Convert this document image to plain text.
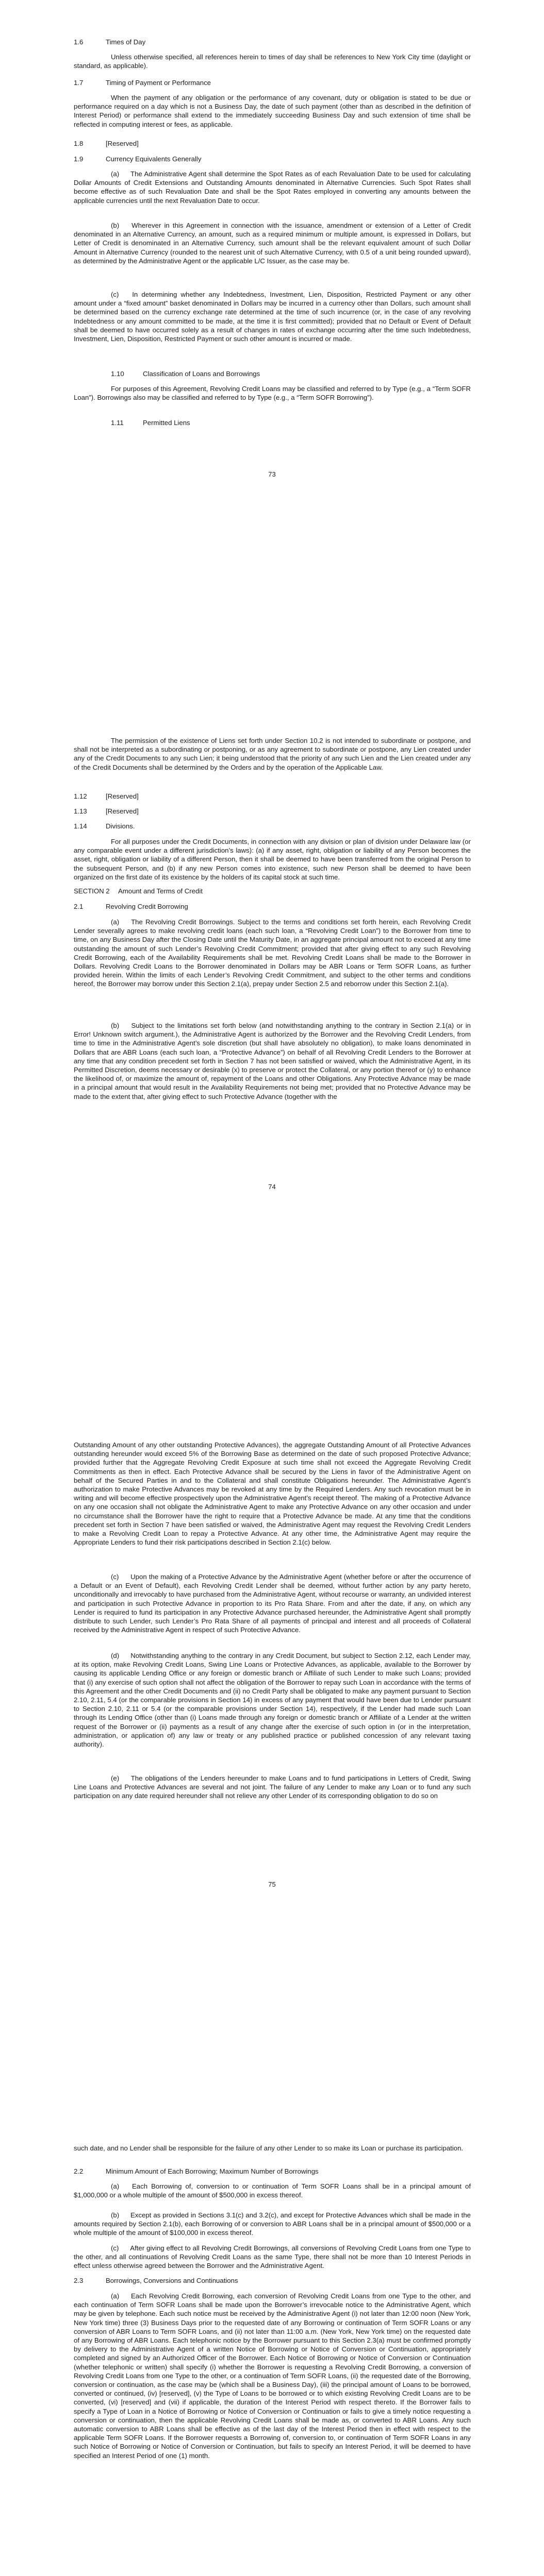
1.6	Times of Day

Unless otherwise specified, all references herein to times of day shall be references to New York City time (daylight or standard, as applicable).

1.7	Timing of Payment or Performance

When the payment of any obligation or the performance of any covenant, duty or obligation is stated to be due or performance required on a day which is not a Business Day, the date of such payment (other than as described in the definition of Interest Period) or performance shall extend to the immediately succeeding Business Day and such extension of time shall be reflected in computing interest or fees, as applicable.

1.8	[Reserved]

1.9	Currency Equivalents Generally

(a) The Administrative Agent shall determine the Spot Rates as of each Revaluation Date to be used for calculating Dollar Amounts of Credit Extensions and Outstanding Amounts denominated in Alternative Currencies. Such Spot Rates shall become effective as of such Revaluation Date and shall be the Spot Rates employed in converting any amounts between the applicable currencies until the next Revaluation Date to occur.

(b) Wherever in this Agreement in connection with the issuance, amendment or extension of a Letter of Credit denominated in an Alternative Currency, an amount, such as a required minimum or multiple amount, is expressed in Dollars, but Letter of Credit is denominated in an Alternative Currency, such amount shall be the relevant equivalent amount of such Dollar Amount in Alternative Currency (rounded to the nearest unit of such Alternative Currency, with 0.5 of a unit being rounded upward), as determined by the Administrative Agent or the applicable L/C Issuer, as the case may be.

(c) In determining whether any Indebtedness, Investment, Lien, Disposition, Restricted Payment or any other amount under a “fixed amount” basket denominated in Dollars may be incurred in a currency other than Dollars, such amount shall be determined based on the currency exchange rate determined at the time of such incurrence (or, in the case of any revolving Indebtedness or any amount committed to be made, at the time it is first committed); provided that no Default or Event of Default shall be deemed to have occurred solely as a result of changes in rates of exchange occurring after the time such Indebtedness, Investment, Lien, Disposition, Restricted Payment or such other amount is incurred or made.

1.10	Classification of Loans and Borrowings

For purposes of this Agreement, Revolving Credit Loans may be classified and referred to by Type (e.g., a “Term SOFR Loan”). Borrowings also may be classified and referred to by Type (e.g., a “Term SOFR Borrowing”).

1.11	Permitted Liens

73

The permission of the existence of Liens set forth under Section 10.2 is not intended to subordinate or postpone, and shall not be interpreted as a subordinating or postponing, or as any agreement to subordinate or postpone, any Lien created under any of the Credit Documents to any such Lien; it being understood that the priority of any such Lien and the Lien created under any of the Credit Documents shall be determined by the Orders and by the operation of the Applicable Law.

1.12	[Reserved]

1.13	[Reserved]

1.14	Divisions.

For all purposes under the Credit Documents, in connection with any division or plan of division under Delaware law (or any comparable event under a different jurisdiction’s laws): (a) if any asset, right, obligation or liability of any Person becomes the asset, right, obligation or liability of a different Person, then it shall be deemed to have been transferred from the original Person to the subsequent Person, and (b) if any new Person comes into existence, such new Person shall be deemed to have been organized on the first date of its existence by the holders of its capital stock at such time.

SECTION 2 Amount and Terms of Credit

2.1	Revolving Credit Borrowing

(a) The Revolving Credit Borrowings. Subject to the terms and conditions set forth herein, each Revolving Credit Lender severally agrees to make revolving credit loans (each such loan, a “Revolving Credit Loan”) to the Borrower from time to time, on any Business Day after the Closing Date until the Maturity Date, in an aggregate principal amount not to exceed at any time outstanding the amount of such Lender’s Revolving Credit Commitment; provided that after giving effect to any such Revolving Credit Borrowing, each of the Availability Requirements shall be met. Revolving Credit Loans shall be made to the Borrower in Dollars. Revolving Credit Loans to the Borrower denominated in Dollars may be ABR Loans or Term SOFR Loans, as further provided herein. Within the limits of each Lender’s Revolving Credit Commitment, and subject to the other terms and conditions hereof, the Borrower may borrow under this Section 2.1(a), prepay under Section 2.5 and reborrow under this Section 2.1(a).

(b) Subject to the limitations set forth below (and notwithstanding anything to the contrary in Section 2.1(a) or in Error! Unknown switch argument.), the Administrative Agent is authorized by the Borrower and the Revolving Credit Lenders, from time to time in the Administrative Agent’s sole discretion (but shall have absolutely no obligation), to make loans denominated in Dollars that are ABR Loans (each such loan, a “Protective Advance”) on behalf of all Revolving Credit Lenders to the Borrower at any time that any condition precedent set forth in Section 7 has not been satisfied or waived, which the Administrative Agent, in its Permitted Discretion, deems necessary or desirable (x) to preserve or protect the Collateral, or any portion thereof or (y) to enhance the likelihood of, or maximize the amount of, repayment of the Loans and other Obligations. Any Protective Advance may be made in a principal amount that would result in the Availability Requirements not being met; provided that no Protective Advance may be made to the extent that, after giving effect to such Protective Advance (together with the

74

Outstanding Amount of any other outstanding Protective Advances), the aggregate Outstanding Amount of all Protective Advances outstanding hereunder would exceed 5% of the Borrowing Base as determined on the date of such proposed Protective Advance; provided further that the Aggregate Revolving Credit Exposure at such time shall not exceed the Aggregate Revolving Credit Commitments as then in effect. Each Protective Advance shall be secured by the Liens in favor of the Administrative Agent on behalf of the Secured Parties in and to the Collateral and shall constitute Obligations hereunder. The Administrative Agent’s authorization to make Protective Advances may be revoked at any time by the Required Lenders. Any such revocation must be in writing and will become effective prospectively upon the Administrative Agent’s receipt thereof. The making of a Protective Advance on any one occasion shall not obligate the Administrative Agent to make any Protective Advance on any other occasion and under no circumstance shall the Borrower have the right to require that a Protective Advance be made. At any time that the conditions precedent set forth in Section 7 have been satisfied or waived, the Administrative Agent may request the Revolving Credit Lenders to make a Revolving Credit Loan to repay a Protective Advance. At any other time, the Administrative Agent may require the Appropriate Lenders to fund their risk participations described in Section 2.1(c) below.

(c) Upon the making of a Protective Advance by the Administrative Agent (whether before or after the occurrence of a Default or an Event of Default), each Revolving Credit Lender shall be deemed, without further action by any party hereto, unconditionally and irrevocably to have purchased from the Administrative Agent, without recourse or warranty, an undivided interest and participation in such Protective Advance in proportion to its Pro Rata Share. From and after the date, if any, on which any Lender is required to fund its participation in any Protective Advance purchased hereunder, the Administrative Agent shall promptly distribute to such Lender, such Lender’s Pro Rata Share of all payments of principal and interest and all proceeds of Collateral received by the Administrative Agent in respect of such Protective Advance.

(d) Notwithstanding anything to the contrary in any Credit Document, but subject to Section 2.12, each Lender may, at its option, make Revolving Credit Loans, Swing Line Loans or Protective Advances, as applicable, available to the Borrower by causing its applicable Lending Office or any foreign or domestic branch or Affiliate of such Lender to make such Loans; provided that (i) any exercise of such option shall not affect the obligation of the Borrower to repay such Loan in accordance with the terms of this Agreement and the other Credit Documents and (ii) no Credit Party shall be obligated to make any payment pursuant to Section 2.10, 2.11, 5.4 (or the comparable provisions in Section 14) in excess of any payment that would have been due to Lender pursuant to Section 2.10, 2.11 or 5.4 (or the comparable provisions under Section 14), respectively, if the Lender had made such Loan through its Lending Office (other than (i) Loans made through any foreign or domestic branch or Affiliate of a Lender at the written request of the Borrower or (ii) payments as a result of any change after the exercise of such option in (or in the interpretation, administration, or application of) any law or treaty or any published practice or published concession of any relevant taxing authority).

(e) The obligations of the Lenders hereunder to make Loans and to fund participations in Letters of Credit, Swing Line Loans and Protective Advances are several and not joint. The failure of any Lender to make any Loan or to fund any such participation on any date required hereunder shall not relieve any other Lender of its corresponding obligation to do so on

75

such date, and no Lender shall be responsible for the failure of any other Lender to so make its Loan or purchase its participation.

2.2	Minimum Amount of Each Borrowing; Maximum Number of Borrowings

(a) Each Borrowing of, conversion to or continuation of Term SOFR Loans shall be in a principal amount of $1,000,000 or a whole multiple of the amount of $500,000 in excess thereof.

(b) Except as provided in Sections 3.1(c) and 3.2(c), and except for Protective Advances which shall be made in the amounts required by Section 2.1(b), each Borrowing of or conversion to ABR Loans shall be in a principal amount of $500,000 or a whole multiple of the amount of $100,000 in excess thereof.

(c) After giving effect to all Revolving Credit Borrowings, all conversions of Revolving Credit Loans from one Type to the other, and all continuations of Revolving Credit Loans as the same Type, there shall not be more than 10 Interest Periods in effect unless otherwise agreed between the Borrower and the Administrative Agent.

2.3	Borrowings, Conversions and Continuations

(a) Each Revolving Credit Borrowing, each conversion of Revolving Credit Loans from one Type to the other, and each continuation of Term SOFR Loans shall be made upon the Borrower’s irrevocable notice to the Administrative Agent, which may be given by telephone. Each such notice must be received by the Administrative Agent (i) not later than 12:00 noon (New York, New York time) three (3) Business Days prior to the requested date of any Borrowing or continuation of Term SOFR Loans or any conversion of ABR Loans to Term SOFR Loans, and (ii) not later than 11:00 a.m. (New York, New York time) on the requested date of any Borrowing of ABR Loans. Each telephonic notice by the Borrower pursuant to this Section 2.3(a) must be confirmed promptly by delivery to the Administrative Agent of a written Notice of Borrowing or Notice of Conversion or Continuation, appropriately completed and signed by an Authorized Officer of the Borrower. Each Notice of Borrowing or Notice of Conversion or Continuation (whether telephonic or written) shall specify (i) whether the Borrower is requesting a Revolving Credit Borrowing, a conversion of Revolving Credit Loans from one Type to the other, or a continuation of Term SOFR Loans, (ii) the requested date of the Borrowing, conversion or continuation, as the case may be (which shall be a Business Day), (iii) the principal amount of Loans to be borrowed, converted or continued, (iv) [reserved], (v) the Type of Loans to be borrowed or to which existing Revolving Credit Loans are to be converted, (vi) [reserved] and (vii) if applicable, the duration of the Interest Period with respect thereto. If the Borrower fails to specify a Type of Loan in a Notice of Borrowing or Notice of Conversion or Continuation or fails to give a timely notice requesting a conversion or continuation, then the applicable Revolving Credit Loans shall be made as, or converted to ABR Loans. Any such automatic conversion to ABR Loans shall be effective as of the last day of the Interest Period then in effect with respect to the applicable Term SOFR Loans. If the Borrower requests a Borrowing of, conversion to, or continuation of Term SOFR Loans in any such Notice of Borrowing or Notice of Conversion or Continuation, but fails to specify an Interest Period, it will be deemed to have specified an Interest Period of one (1) month.
